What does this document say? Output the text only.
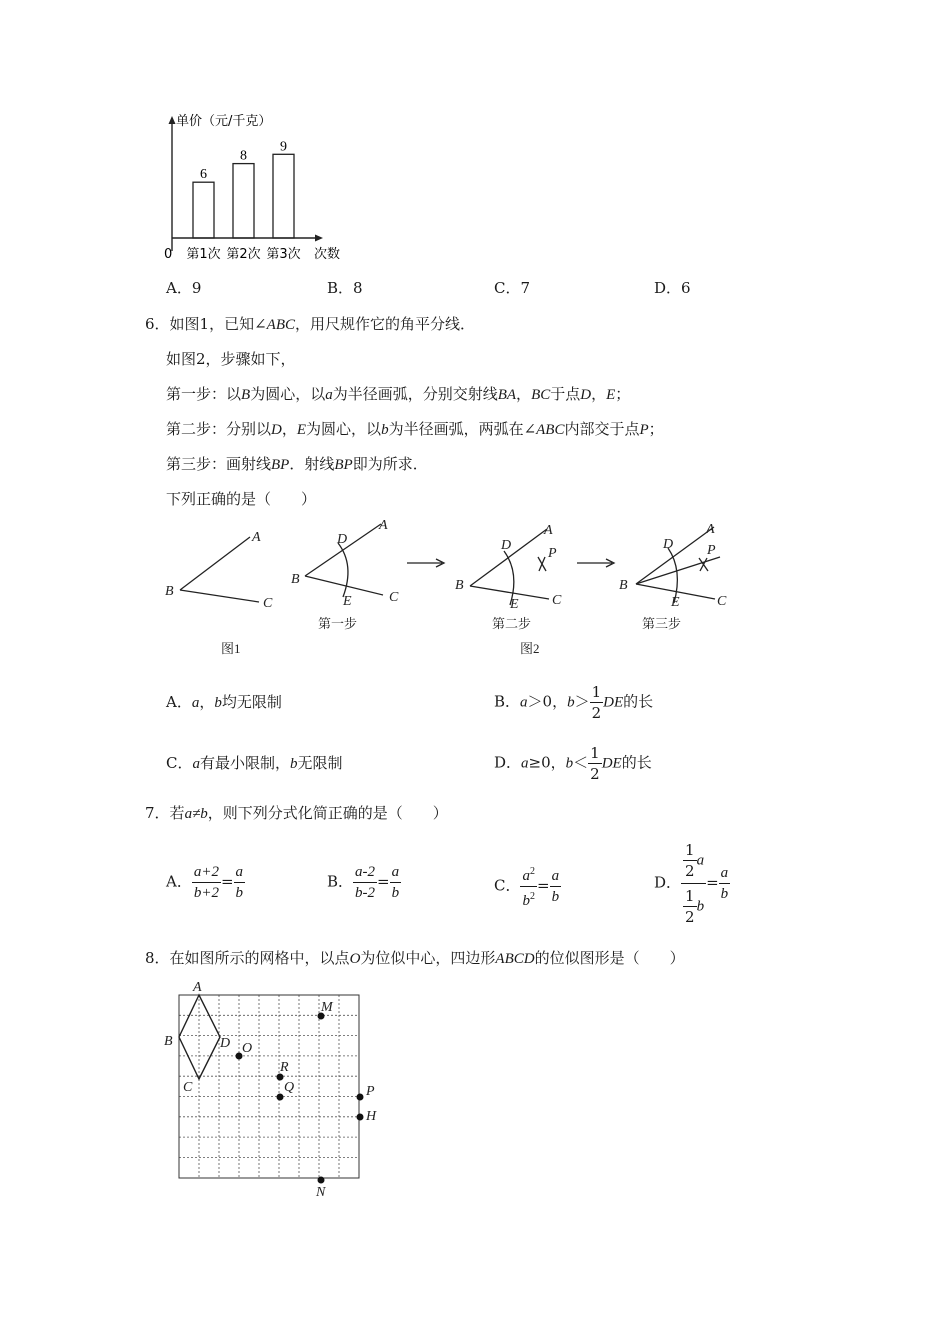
6
第1次
8
第2次
9
第3次
单价（元/千克）
次数
0
A．9	B．8	C．7	D．6
6．如图1，已知∠ABC，用尺规作它的角平分线．
如图2，步骤如下，
第一步：以B为圆心，以a为半径画弧，分别交射线BA，BC于点D，E；
第二步：分别以D，E为圆心，以b为半径画弧，两弧在∠ABC内部交于点P；
第三步：画射线BP．射线BP即为所求．
下列正确的是（　　）
A
B
C
D
A
B
E	C
D
A
P
B
E C
D
A
P
B
E	C
第一步	第二步	第三步
图1	图2
A．a，b均无限制	B．a＞0，$b> \frac{1}{2}$ DE的长
C．a有最小限制，b无限制	D．a≥0，$b< \frac{1}{2}$ DE的长
7．若a≠b，则下列分式化简正确的是（　　）
A． $\frac{a+2}{b+2} = \frac{a}{b}$	B． $\frac{a-2}{b-2} = \frac{a}{b}$	C． $\frac{a^2}{b^2} = \frac{a}{b}$	D． $\frac{\frac{1}{2} a}{\frac{1}{2} b} = \frac{a}{b}$
8．在如图所示的网格中，以点O为位似中心，四边形ABCD的位似图形是（　　）
A
B
C
D O
M
R
Q	P
H
N
